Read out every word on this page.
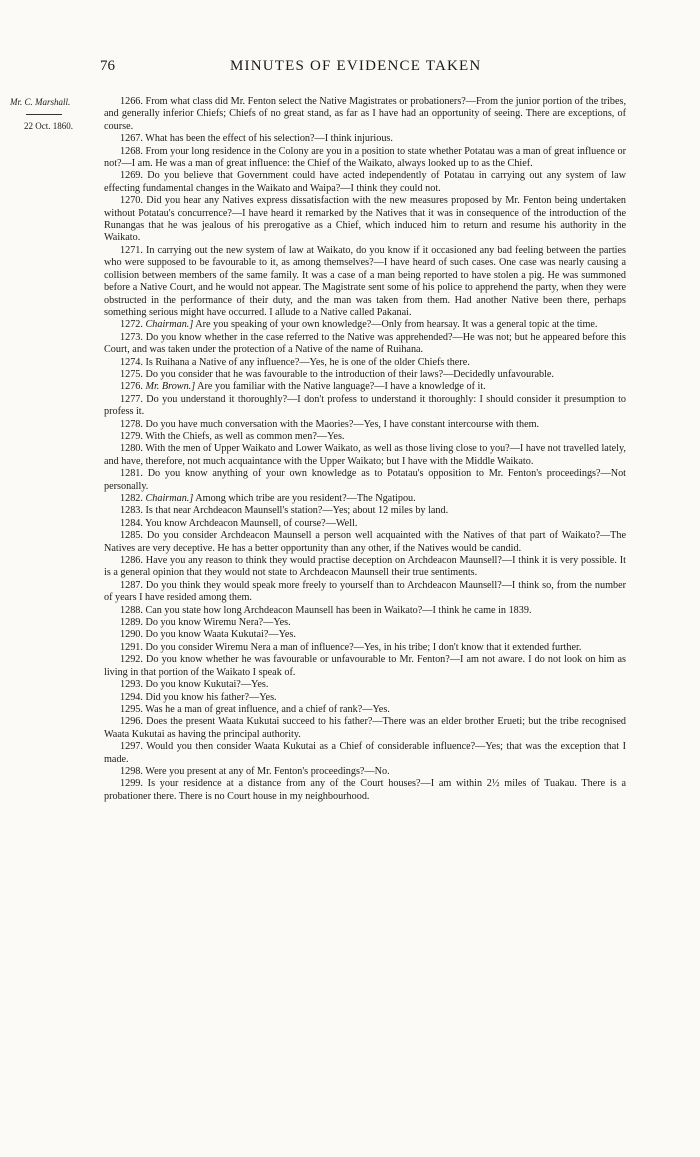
76	MINUTES OF EVIDENCE TAKEN
Mr. C. Marshall.
22 Oct. 1860.

1266. From what class did Mr. Fenton select the Native Magistrates or probationers?—From the junior portion of the tribes, and generally inferior Chiefs; Chiefs of no great stand, as far as I have had an opportunity of seeing. There are exceptions, of course.

1267. What has been the effect of his selection?—I think injurious.

1268. From your long residence in the Colony are you in a position to state whether Potatau was a man of great influence or not?—I am. He was a man of great influence: the Chief of the Waikato, always looked up to as the Chief.

1269. Do you believe that Government could have acted independently of Potatau in carrying out any system of law effecting fundamental changes in the Waikato and Waipa?—I think they could not.

1270. Did you hear any Natives express dissatisfaction with the new measures proposed by Mr. Fenton being undertaken without Potatau's concurrence?—I have heard it remarked by the Natives that it was in consequence of the introduction of the Runangas that he was jealous of his prerogative as a Chief, which induced him to return and resume his authority in the Waikato.

1271. In carrying out the new system of law at Waikato, do you know if it occasioned any bad feeling between the parties who were supposed to be favourable to it, as among themselves?—I have heard of such cases. One case was nearly causing a collision between members of the same family. It was a case of a man being reported to have stolen a pig. He was summoned before a Native Court, and he would not appear. The Magistrate sent some of his police to apprehend the party, when they were obstructed in the performance of their duty, and the man was taken from them. Had another Native been there, perhaps something serious might have occurred. I allude to a Native called Pakanai.

1272. Chairman.] Are you speaking of your own knowledge?—Only from hearsay. It was a general topic at the time.

1273. Do you know whether in the case referred to the Native was apprehended?—He was not; but he appeared before this Court, and was taken under the protection of a Native of the name of Ruihana.

1274. Is Ruihana a Native of any influence?—Yes, he is one of the older Chiefs there.

1275. Do you consider that he was favourable to the introduction of their laws?—Decidedly unfavourable.

1276. Mr. Brown.] Are you familiar with the Native language?—I have a knowledge of it.

1277. Do you understand it thoroughly?—I don't profess to understand it thoroughly: I should consider it presumption to profess it.

1278. Do you have much conversation with the Maories?—Yes, I have constant intercourse with them.

1279. With the Chiefs, as well as common men?—Yes.

1280. With the men of Upper Waikato and Lower Waikato, as well as those living close to you?—I have not travelled lately, and have, therefore, not much acquaintance with the Upper Waikato; but I have with the Middle Waikato.

1281. Do you know anything of your own knowledge as to Potatau's opposition to Mr. Fenton's proceedings?—Not personally.

1282. Chairman.] Among which tribe are you resident?—The Ngatipou.

1283. Is that near Archdeacon Maunsell's station?—Yes; about 12 miles by land.

1284. You know Archdeacon Maunsell, of course?—Well.

1285. Do you consider Archdeacon Maunsell a person well acquainted with the Natives of that part of Waikato?—The Natives are very deceptive. He has a better opportunity than any other, if the Natives would be candid.

1286. Have you any reason to think they would practise deception on Archdeacon Maunsell?—I think it is very possible. It is a general opinion that they would not state to Archdeacon Maunsell their true sentiments.

1287. Do you think they would speak more freely to yourself than to Archdeacon Maunsell?—I think so, from the number of years I have resided among them.

1288. Can you state how long Archdeacon Maunsell has been in Waikato?—I think he came in 1839.

1289. Do you know Wiremu Nera?—Yes.

1290. Do you know Waata Kukutai?—Yes.

1291. Do you consider Wiremu Nera a man of influence?—Yes, in his tribe; I don't know that it extended further.

1292. Do you know whether he was favourable or unfavourable to Mr. Fenton?—I am not aware. I do not look on him as living in that portion of the Waikato I speak of.

1293. Do you know Kukutai?—Yes.

1294. Did you know his father?—Yes.

1295. Was he a man of great influence, and a chief of rank?—Yes.

1296. Does the present Waata Kukutai succeed to his father?—There was an elder brother Erueti; but the tribe recognised Waata Kukutai as having the principal authority.

1297. Would you then consider Waata Kukutai as a Chief of considerable influence?—Yes; that was the exception that I made.

1298. Were you present at any of Mr. Fenton's proceedings?—No.

1299. Is your residence at a distance from any of the Court houses?—I am within 2½ miles of Tuakau. There is a probationer there. There is no Court house in my neighbourhood.
